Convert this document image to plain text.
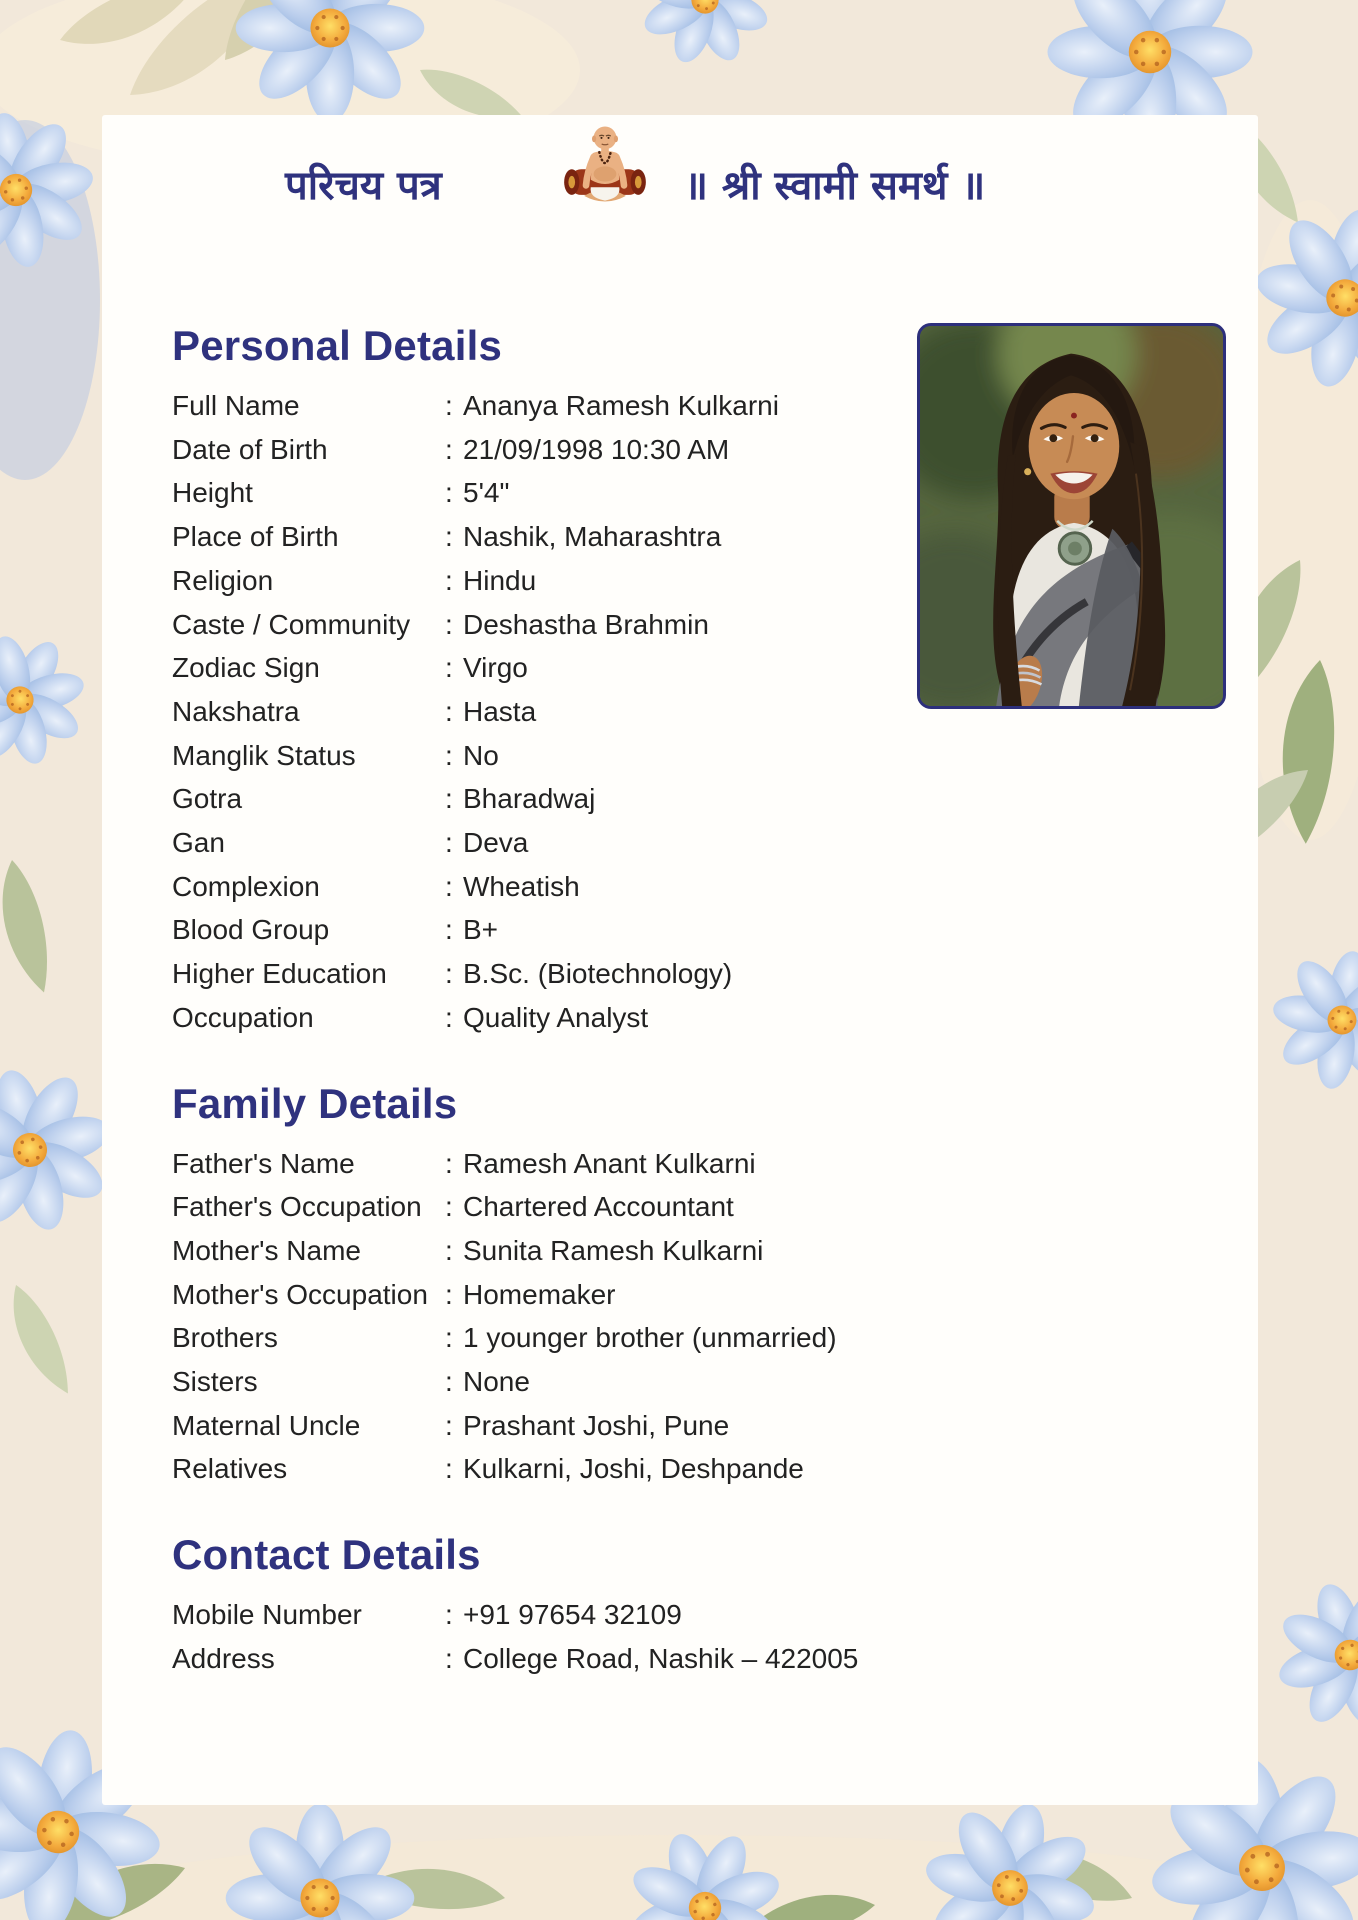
परिचय पत्र	॥ श्री स्वामी समर्थ ॥
Personal Details
Full Name	: Ananya Ramesh Kulkarni
Date of Birth	: 21/09/1998 10:30 AM
Height	: 5'4"
Place of Birth	: Nashik, Maharashtra
Religion	: Hindu
Caste / Community	: Deshastha Brahmin
Zodiac Sign	: Virgo
Nakshatra	: Hasta
Manglik Status	: No
Gotra	: Bharadwaj
Gan	: Deva
Complexion	: Wheatish
Blood Group	: B+
Higher Education	: B.Sc. (Biotechnology)
Occupation	: Quality Analyst
Family Details
Father's Name	: Ramesh Anant Kulkarni
Father's Occupation : Chartered Accountant
Mother's Name	: Sunita Ramesh Kulkarni
Mother's Occupation : Homemaker
Brothers	: 1 younger brother (unmarried)
Sisters	: None
Maternal Uncle	: Prashant Joshi, Pune
Relatives	: Kulkarni, Joshi, Deshpande
Contact Details
Mobile Number	: +91 97654 32109
Address	: College Road, Nashik – 422005
